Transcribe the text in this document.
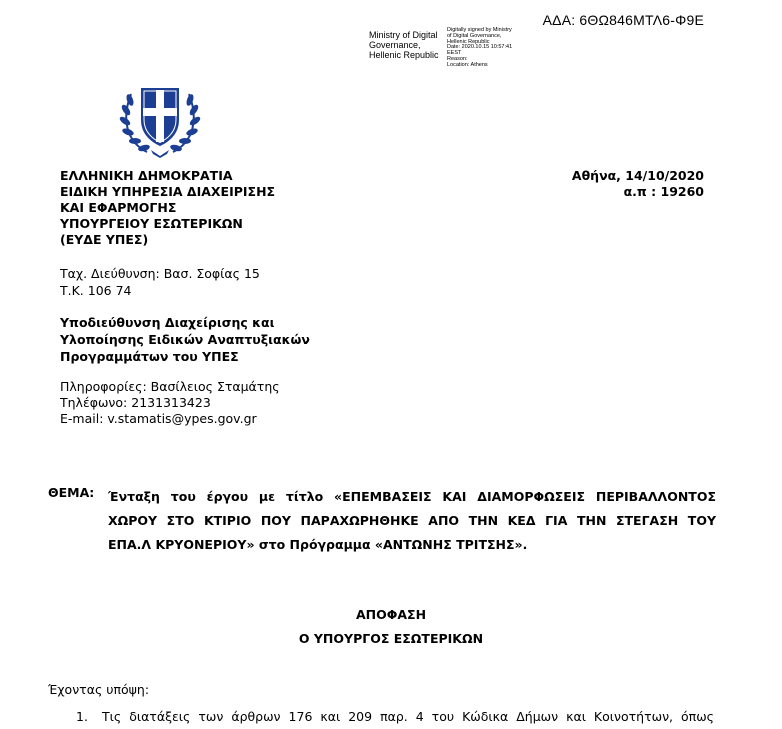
ΑΔΑ: 6ΘΩ846ΜΤΛ6-Φ9Ε
Ministry of Digital
Governance,
Hellenic Republic
Digitally signed by Ministry
of Digital Governance,
Hellenic Republic
Date: 2020.10.15 10:57:41
EEST
Reason:
Location: Athens
ΕΛΛΗΝΙΚΗ ΔΗΜΟΚΡΑΤΙΑ
ΕΙΔΙΚΗ ΥΠΗΡΕΣΙΑ ΔΙΑΧΕΙΡΙΣΗΣ
ΚΑΙ ΕΦΑΡΜΟΓΗΣ
ΥΠΟΥΡΓΕΙΟΥ ΕΣΩΤΕΡΙΚΩΝ
(ΕΥΔΕ ΥΠΕΣ)
Αθήνα, 14/10/2020
α.π : 19260
Ταχ. Διεύθυνση: Βασ. Σοφίας 15
Τ.Κ. 106 74
Υποδιεύθυνση Διαχείρισης και
Υλοποίησης Ειδικών Αναπτυξιακών
Προγραμμάτων του ΥΠΕΣ
Πληροφορίες: Βασίλειος Σταμάτης
Τηλέφωνο: 2131313423
E-mail: v.stamatis@ypes.gov.gr
ΘΕΜΑ: Ένταξη του έργου με τίτλο «ΕΠΕΜΒΑΣΕΙΣ ΚΑΙ ΔΙΑΜΟΡΦΩΣΕΙΣ ΠΕΡΙΒΑΛΛΟΝΤΟΣ
ΧΩΡΟΥ ΣΤΟ ΚΤΙΡΙΟ ΠΟΥ ΠΑΡΑΧΩΡΗΘΗΚΕ ΑΠΟ ΤΗΝ ΚΕΔ ΓΙΑ ΤΗΝ ΣΤΕΓΑΣΗ ΤΟΥ
ΕΠΑ.Λ ΚΡΥΟΝΕΡΙΟΥ» στο Πρόγραμμα «ΑΝΤΩΝΗΣ ΤΡΙΤΣΗΣ».
ΑΠΟΦΑΣΗ
Ο ΥΠΟΥΡΓΟΣ ΕΣΩΤΕΡΙΚΩΝ
Έχοντας υπόψη:
1. Τις διατάξεις των άρθρων 176 και 209 παρ. 4 του Κώδικα Δήμων και Κοινοτήτων, όπως
